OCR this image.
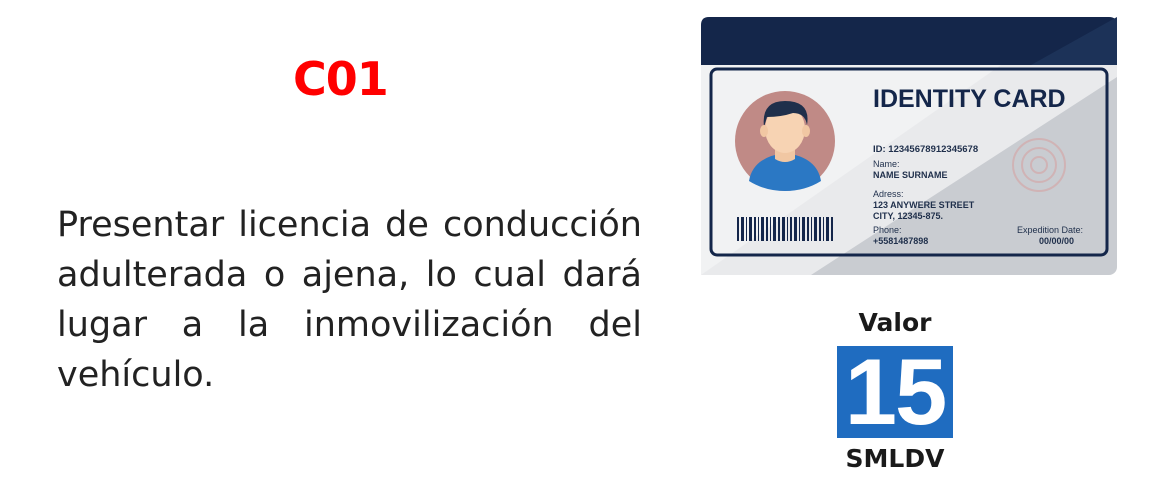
C01
Presentar licencia de conducción adulterada o ajena, lo cual dará lugar a la inmovilización del vehículo.
IDENTITY CARD
ID: 12345678912345678
Name:
NAME SURNAME
Adress:
123 ANYWERE STREET
CITY, 12345-875.
Phone:
+5581487898
Expedition Date:
00/00/00
Valor
15
SMLDV
